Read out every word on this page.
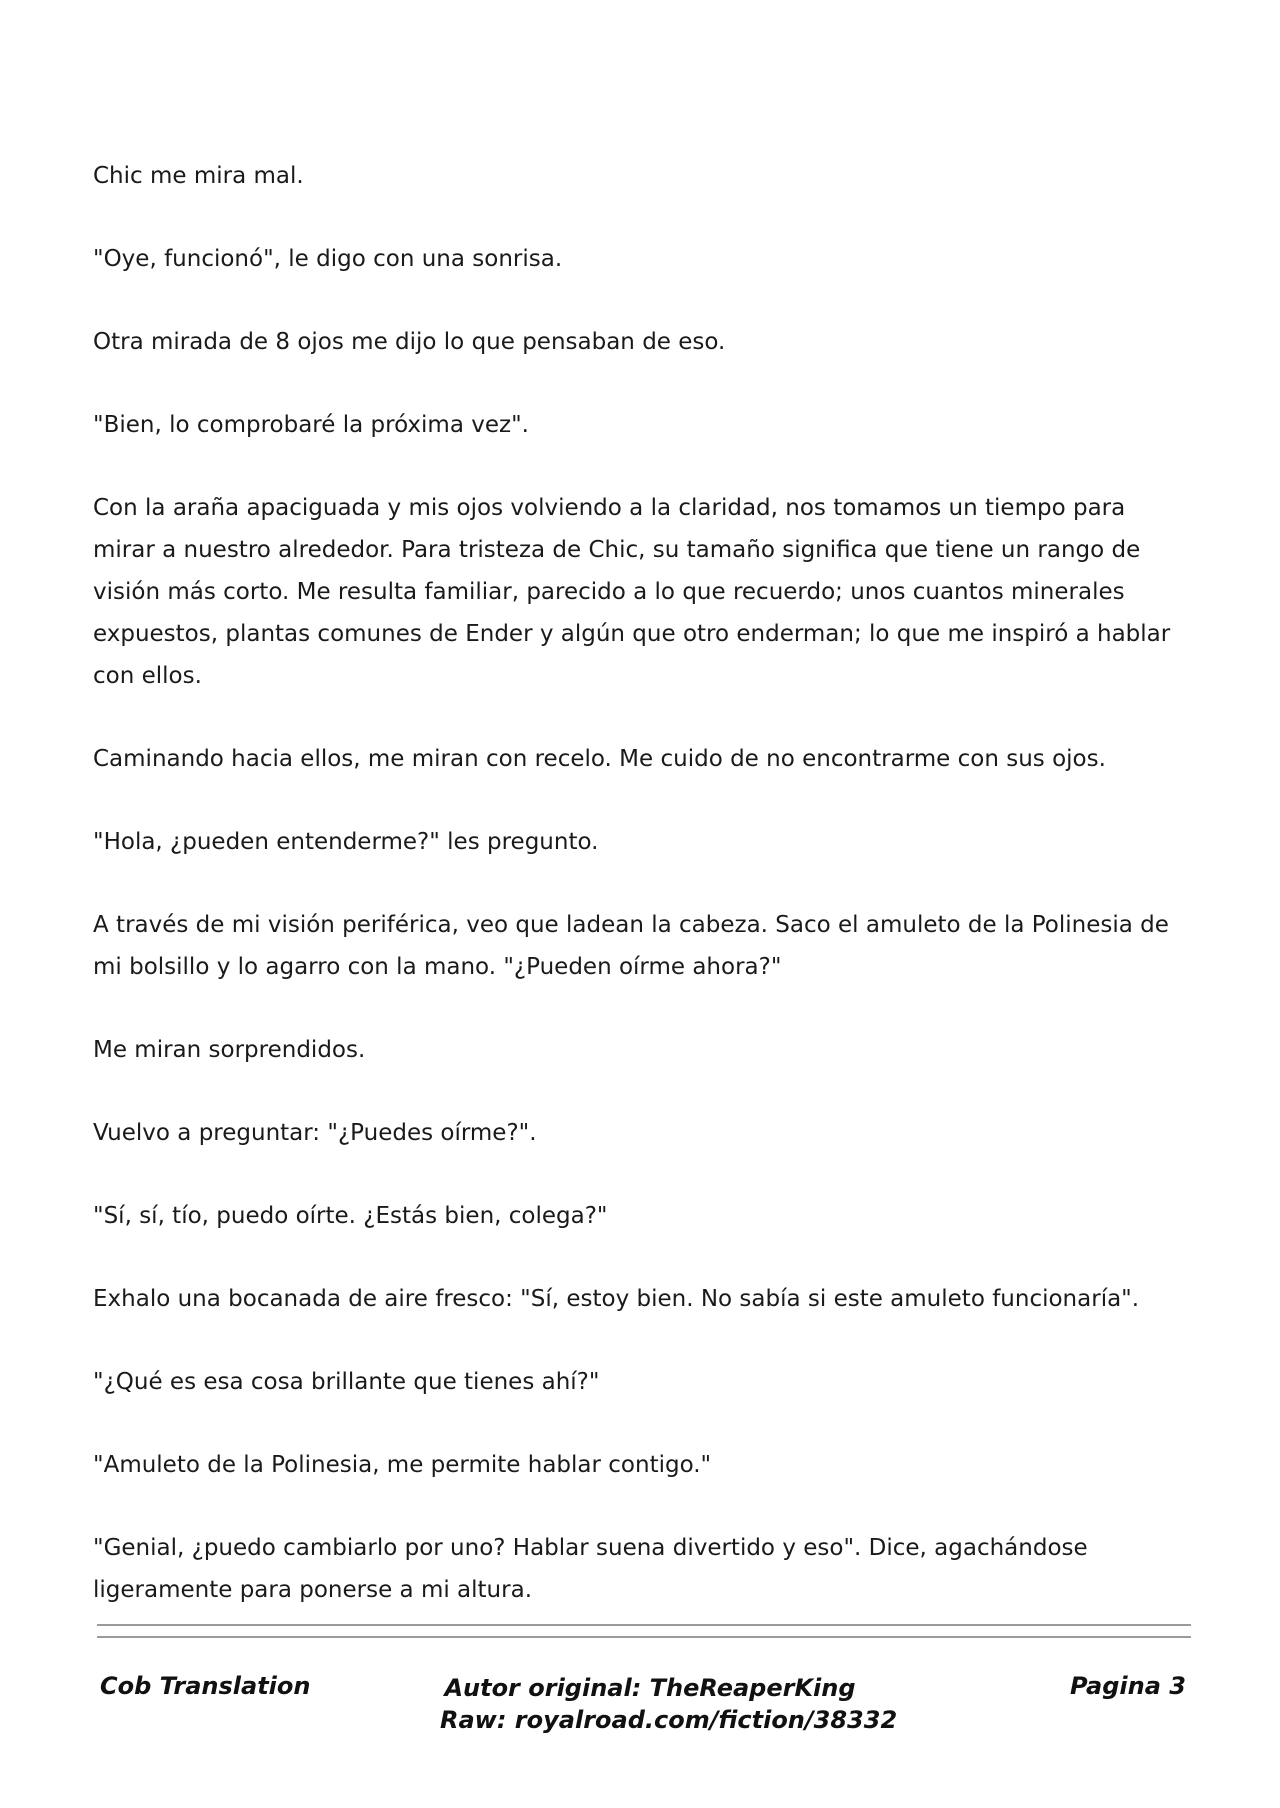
Chic me mira mal.

"Oye, funcionó", le digo con una sonrisa.

Otra mirada de 8 ojos me dijo lo que pensaban de eso.

"Bien, lo comprobaré la próxima vez".

Con la araña apaciguada y mis ojos volviendo a la claridad, nos tomamos un tiempo para mirar a nuestro alrededor. Para tristeza de Chic, su tamaño significa que tiene un rango de visión más corto. Me resulta familiar, parecido a lo que recuerdo; unos cuantos minerales expuestos, plantas comunes de Ender y algún que otro enderman; lo que me inspiró a hablar con ellos.

Caminando hacia ellos, me miran con recelo. Me cuido de no encontrarme con sus ojos.

"Hola, ¿pueden entenderme?" les pregunto.

A través de mi visión periférica, veo que ladean la cabeza. Saco el amuleto de la Polinesia de mi bolsillo y lo agarro con la mano. "¿Pueden oírme ahora?"

Me miran sorprendidos.

Vuelvo a preguntar: "¿Puedes oírme?".

"Sí, sí, tío, puedo oírte. ¿Estás bien, colega?"

Exhalo una bocanada de aire fresco: "Sí, estoy bien. No sabía si este amuleto funcionaría".

"¿Qué es esa cosa brillante que tienes ahí?"

"Amuleto de la Polinesia, me permite hablar contigo."

"Genial, ¿puedo cambiarlo por uno? Hablar suena divertido y eso". Dice, agachándose ligeramente para ponerse a mi altura.

Cob Translation	Autor original: TheReaperKing
Raw: royalroad.com/fiction/38332
Pagina 3
